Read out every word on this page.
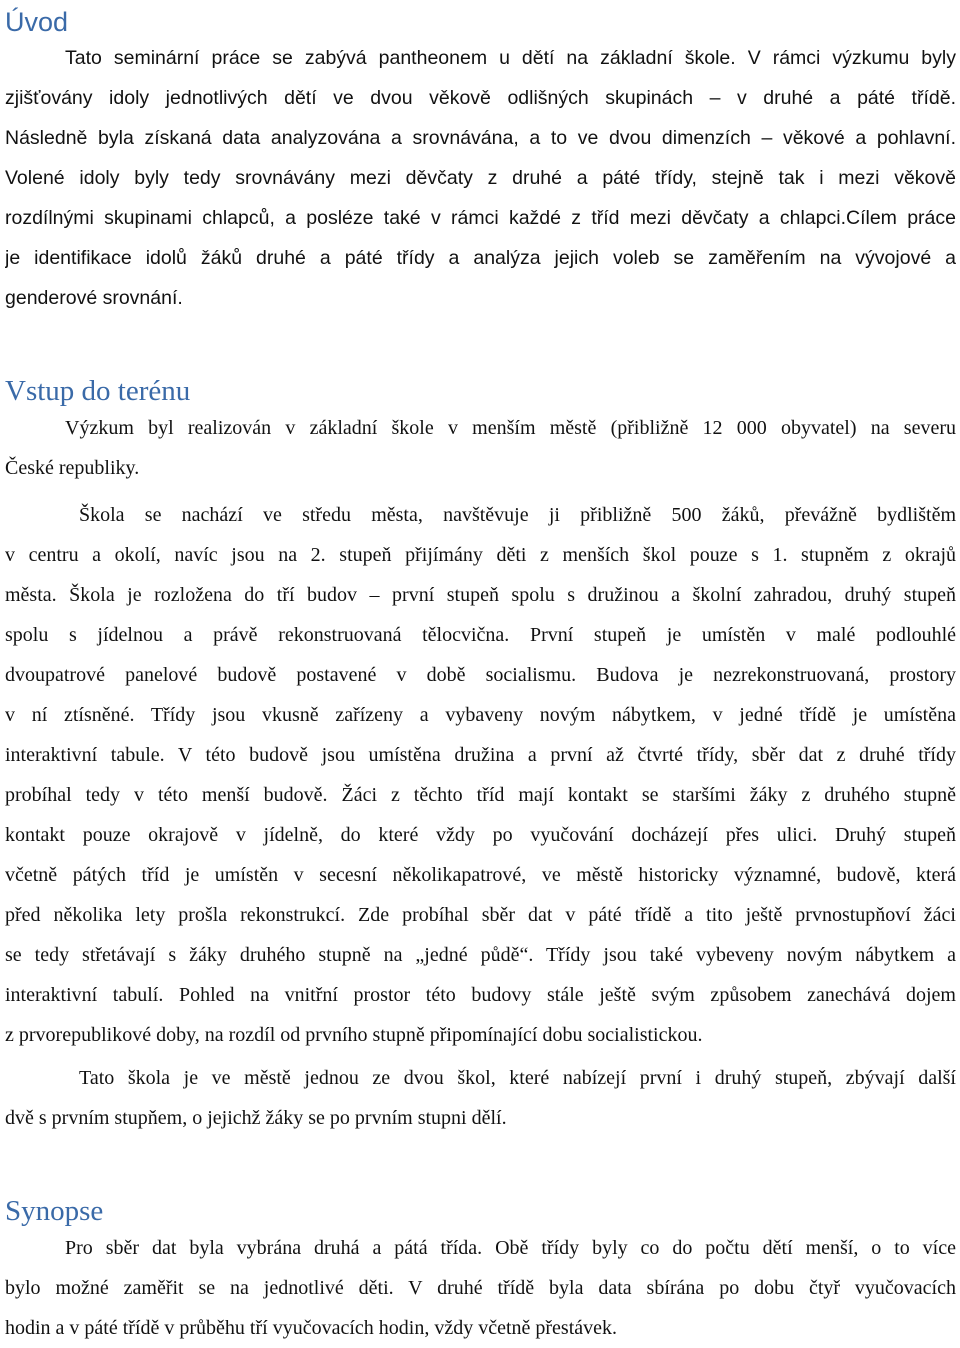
Úvod
Tato seminární práce se zabývá pantheonem u dětí na základní škole. V rámci výzkumu byly
zjišťovány idoly jednotlivých dětí ve dvou věkově odlišných skupinách – v druhé a páté třídě.
Následně byla získaná data analyzována a srovnávána, a to ve dvou dimenzích – věkové a pohlavní.
Volené idoly byly tedy srovnávány mezi děvčaty z druhé a páté třídy, stejně tak i mezi věkově
rozdílnými skupinami chlapců, a posléze také v rámci každé z tříd mezi děvčaty a chlapci.Cílem práce
je identifikace idolů žáků druhé a páté třídy a analýza jejich voleb se zaměřením na vývojové a
genderové srovnání.
Vstup do terénu
Výzkum byl realizován v základní škole v menším městě (přibližně 12 000 obyvatel) na severu
České republiky.
Škola se nachází ve středu města, navštěvuje ji přibližně 500 žáků, převážně bydlištěm
v centru a okolí, navíc jsou na 2. stupeň přijímány děti z menších škol pouze s 1. stupněm z okrajů
města. Škola je rozložena do tří budov – první stupeň spolu s družinou a školní zahradou, druhý stupeň
spolu s jídelnou a právě rekonstruovaná tělocvična. První stupeň je umístěn v malé podlouhlé
dvoupatrové panelové budově postavené v době socialismu. Budova je nezrekonstruovaná, prostory
v ní ztísněné. Třídy jsou vkusně zařízeny a vybaveny novým nábytkem, v jedné třídě je umístěna
interaktivní tabule. V této budově jsou umístěna družina a první až čtvrté třídy, sběr dat z druhé třídy
probíhal tedy v této menší budově. Žáci z těchto tříd mají kontakt se staršími žáky z druhého stupně
kontakt pouze okrajově v jídelně, do které vždy po vyučování docházejí přes ulici. Druhý stupeň
včetně pátých tříd je umístěn v secesní několikapatrové, ve městě historicky významné, budově, která
před několika lety prošla rekonstrukcí. Zde probíhal sběr dat v páté třídě a tito ještě prvnostupňoví žáci
se tedy střetávají s žáky druhého stupně na „jedné půdě“. Třídy jsou také vybeveny novým nábytkem a
interaktivní tabulí. Pohled na vnitřní prostor této budovy stále ještě svým způsobem zanechává dojem
z prvorepublikové doby, na rozdíl od prvního stupně připomínající dobu socialistickou.
Tato škola je ve městě jednou ze dvou škol, které nabízejí první i druhý stupeň, zbývají další
dvě s prvním stupňem, o jejichž žáky se po prvním stupni dělí.
Synopse
Pro sběr dat byla vybrána druhá a pátá třída. Obě třídy byly co do počtu dětí menší, o to více
bylo možné zaměřit se na jednotlivé děti. V druhé třídě byla data sbírána po dobu čtyř vyučovacích
hodin a v páté třídě v průběhu tří vyučovacích hodin, vždy včetně přestávek.
